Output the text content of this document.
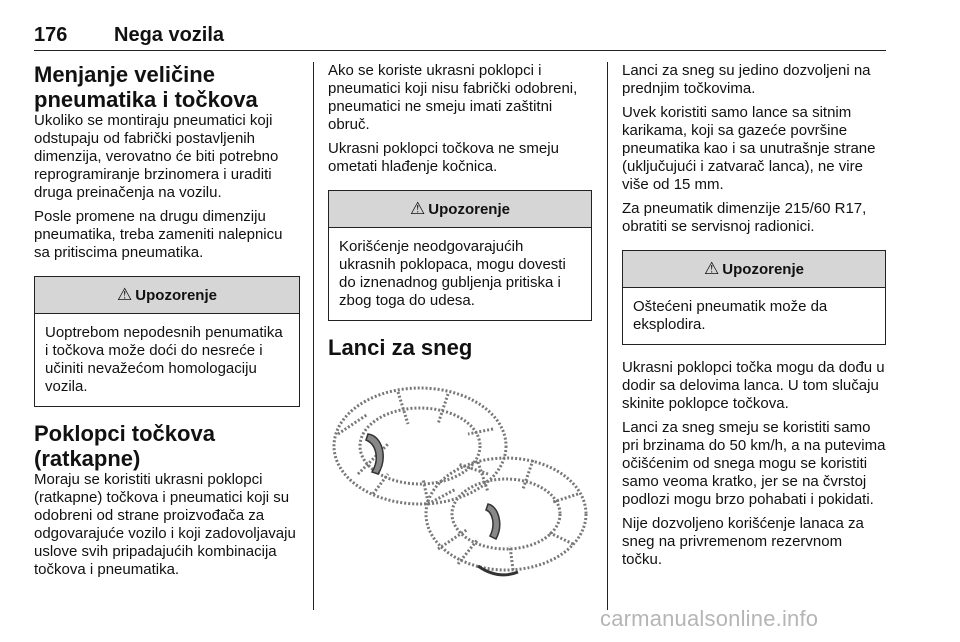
176 Nega vozila
Menjanje veličine pneumatika i točkova

Ukoliko se montiraju pneumatici koji odstupaju od fabrički postavljenih dimenzija, verovatno će biti potrebno reprogramiranje brzinomera i uraditi druga preinačenja na vozilu.

Posle promene na drugu dimenziju pneumatika, treba zameniti nalepnicu sa pritiscima pneumatika.

⚠ Upozorenje
Uoptrebom nepodesnih penumatika i točkova može doći do nesreće i učiniti nevažećom homologaciju vozila.
Poklopci točkova (ratkapne)

Moraju se koristiti ukrasni poklopci (ratkapne) točkova i pneumatici koji su odobreni od strane proizvođača za odgovarajuće vozilo i koji zadovoljavaju uslove svih pripadajućih kombinacija točkova i pneumatika.

Ako se koriste ukrasni poklopci i pneumatici koji nisu fabrički odobreni, pneumatici ne smeju imati zaštitni obruč.

Ukrasni poklopci točkova ne smeju ometati hlađenje kočnica.

⚠ Upozorenje
Korišćenje neodgovarajućih ukrasnih poklopaca, mogu dovesti do iznenadnog gubljenja pritiska i zbog toga do udesa.
Lanci za sneg

Lanci za sneg su jedino dozvoljeni na prednjim točkovima.

Uvek koristiti samo lance sa sitnim karikama, koji sa gazeće površine pneumatika kao i sa unutrašnje strane (uključujući i zatvarač lanca), ne vire više od 15 mm.

Za pneumatik dimenzije 215/60 R17, obratiti se servisnoj radionici.

⚠ Upozorenje
Oštećeni pneumatik može da eksplodira.

Ukrasni poklopci točka mogu da dođu u dodir sa delovima lanca. U tom slučaju skinite poklopce točkova.

Lanci za sneg smeju se koristiti samo pri brzinama do 50 km/h, a na putevima očišćenim od snega mogu se koristiti samo veoma kratko, jer se na čvrstoj podlozi mogu brzo pohabati i pokidati.

Nije dozvoljeno korišćenje lanaca za sneg na privremenom rezervnom točku.

carmanualsonline.info
